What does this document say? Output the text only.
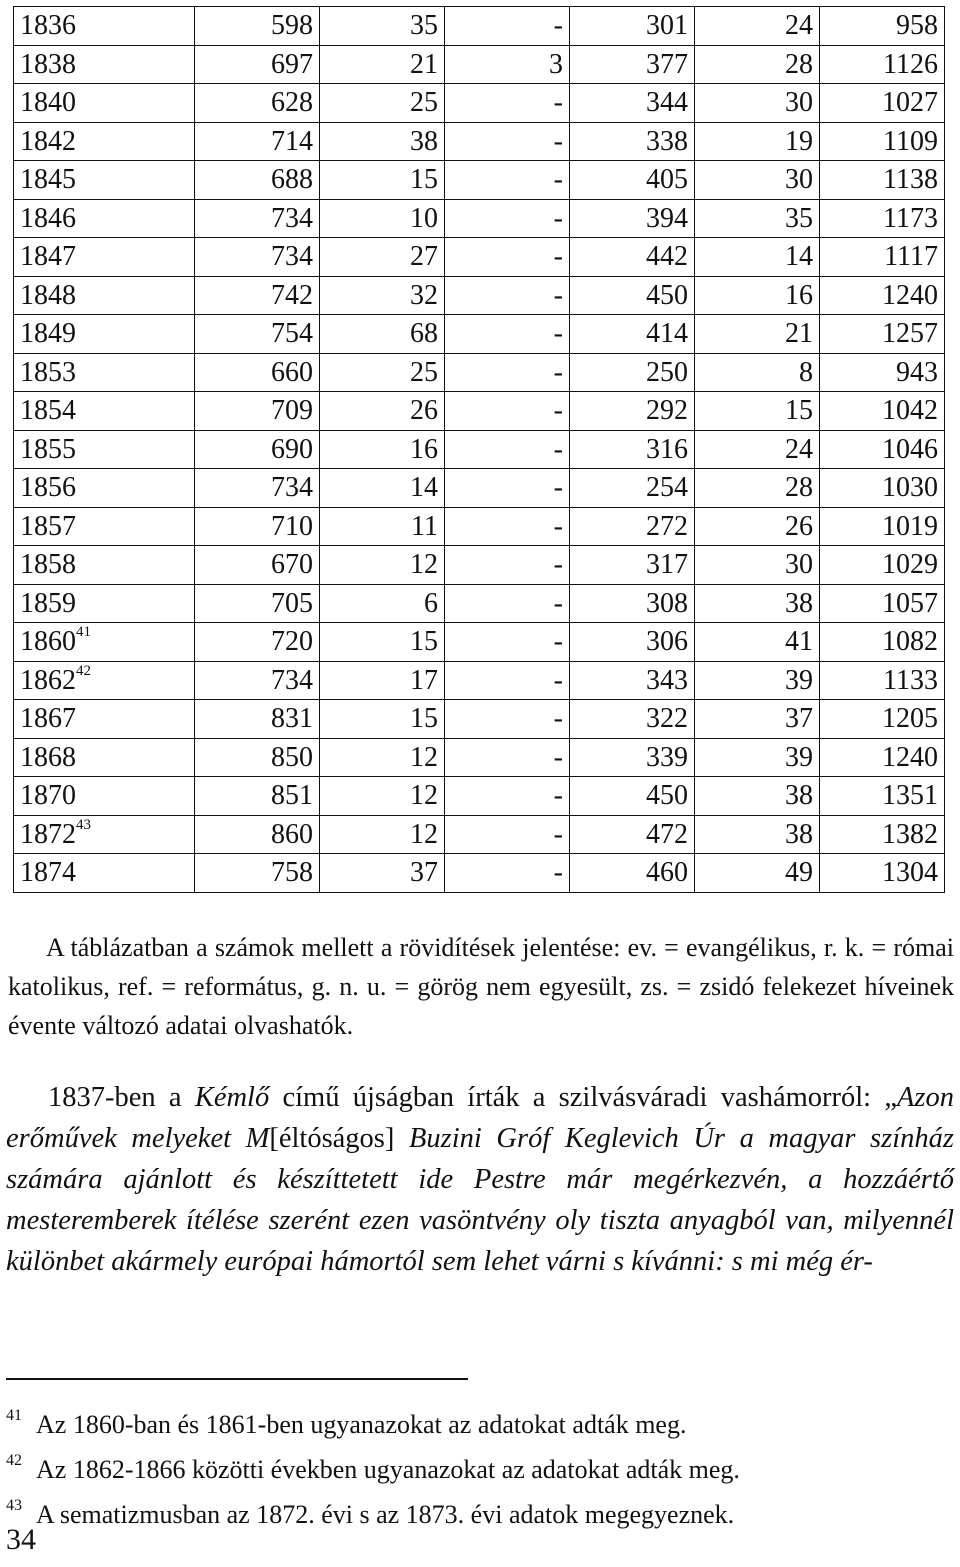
1836	598	35	-	301	24	958
1838	697	21	3	377	28	1126
1840	628	25	-	344	30	1027
1842	714	38	-	338	19	1109
1845	688	15	-	405	30	1138
1846	734	10	-	394	35	1173
1847	734	27	-	442	14	1117
1848	742	32	-	450	16	1240
1849	754	68	-	414	21	1257
1853	660	25	-	250	8	943
1854	709	26	-	292	15	1042
1855	690	16	-	316	24	1046
1856	734	14	-	254	28	1030
1857	710	11	-	272	26	1019
1858	670	12	-	317	30	1029
1859	705	6	-	308	38	1057
1860$^{41}$	720	15	-	306	41	1082
1862$^{42}$	734	17	-	343	39	1133
1867	831	15	-	322	37	1205
1868	850	12	-	339	39	1240
1870	851	12	-	450	38	1351
1872$^{43}$	860	12	-	472	38	1382
1874	758	37	-	460	49	1304
A táblázatban a számok mellett a rövidítések jelentése: ev. = evangélikus, r. k. = római katolikus, ref. = református, g. n. u. = görög nem egyesült, zs. = zsidó felekezet híveinek évente változó adatai olvashatók.
1837-ben a Kémlő című újságban írták a szilvásváradi vashámorról: „Azon erőművek melyeket M[éltóságos] Buzini Gróf Keglevich Úr a magyar színház számára ajánlott és készíttetett ide Pestre már megérkezvén, a hozzáértő mesteremberek ítélése szerént ezen vasöntvény oly tiszta anyagból van, milyennél különbet akármely európai hámortól sem lehet várni s kívánni: s mi még ér-
41 Az 1860-ban és 1861-ben ugyanazokat az adatokat adták meg.
42 Az 1862-1866 közötti években ugyanazokat az adatokat adták meg.
43 A sematizmusban az 1872. évi s az 1873. évi adatok megegyeznek.
34
